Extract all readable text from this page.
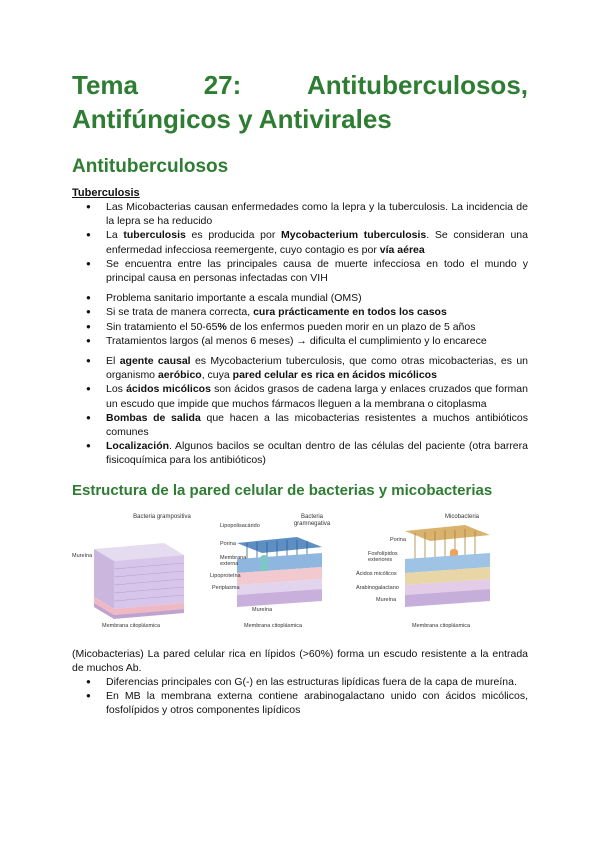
Tema	27:	Antituberculosos,
Antifúngicos y Antivirales
Antituberculosos
Tuberculosis
● Las Micobacterias causan enfermedades como la lepra y la tuberculosis. La incidencia de la lepra se ha reducido
● La tuberculosis es producida por Mycobacterium tuberculosis. Se consideran una enfermedad infecciosa reemergente, cuyo contagio es por vía aérea
● Se encuentra entre las principales causa de muerte infecciosa en todo el mundo y principal causa en personas infectadas con VIH
● Problema sanitario importante a escala mundial (OMS)
● Si se trata de manera correcta, cura prácticamente en todos los casos
● Sin tratamiento el 50-65% de los enfermos pueden morir en un plazo de 5 años
● Tratamientos largos (al menos 6 meses) → dificulta el cumplimiento y lo encarece
● El agente causal es Mycobacterium tuberculosis, que como otras micobacterias, es un organismo aeróbico, cuya pared celular es rica en ácidos micólicos
● Los ácidos micólicos son ácidos grasos de cadena larga y enlaces cruzados que forman un escudo que impide que muchos fármacos lleguen a la membrana o citoplasma
● Bombas de salida que hacen a las micobacterias resistentes a muchos antibióticos comunes
● Localización. Algunos bacilos se ocultan dentro de las células del paciente (otra barrera fisicoquímica para los antibióticos)
Estructura de la pared celular de bacterias y micobacterias
Bacteria grampositiva	Bacteria gramnegativa
Micobacteria
Mureína
Membrana citoplásmica
Lipopolisacárido
Porina
Membrana externa
Lipoproteína
Periplasma
Mureína
Membrana citoplásmica
Porina
Fosfolípidos exteriores
Ácidos micólicos
Arabinogalactano
Mureína
Membrana citoplásmica

(Micobacterias) La pared celular rica en lípidos (>60%) forma un escudo resistente a la entrada de muchos Ab.

● Diferencias principales con G(-) en las estructuras lipídicas fuera de la capa de mureína.
● En MB la membrana externa contiene arabinogalactano unido con ácidos micólicos, fosfolípidos y otros componentes lipídicos
